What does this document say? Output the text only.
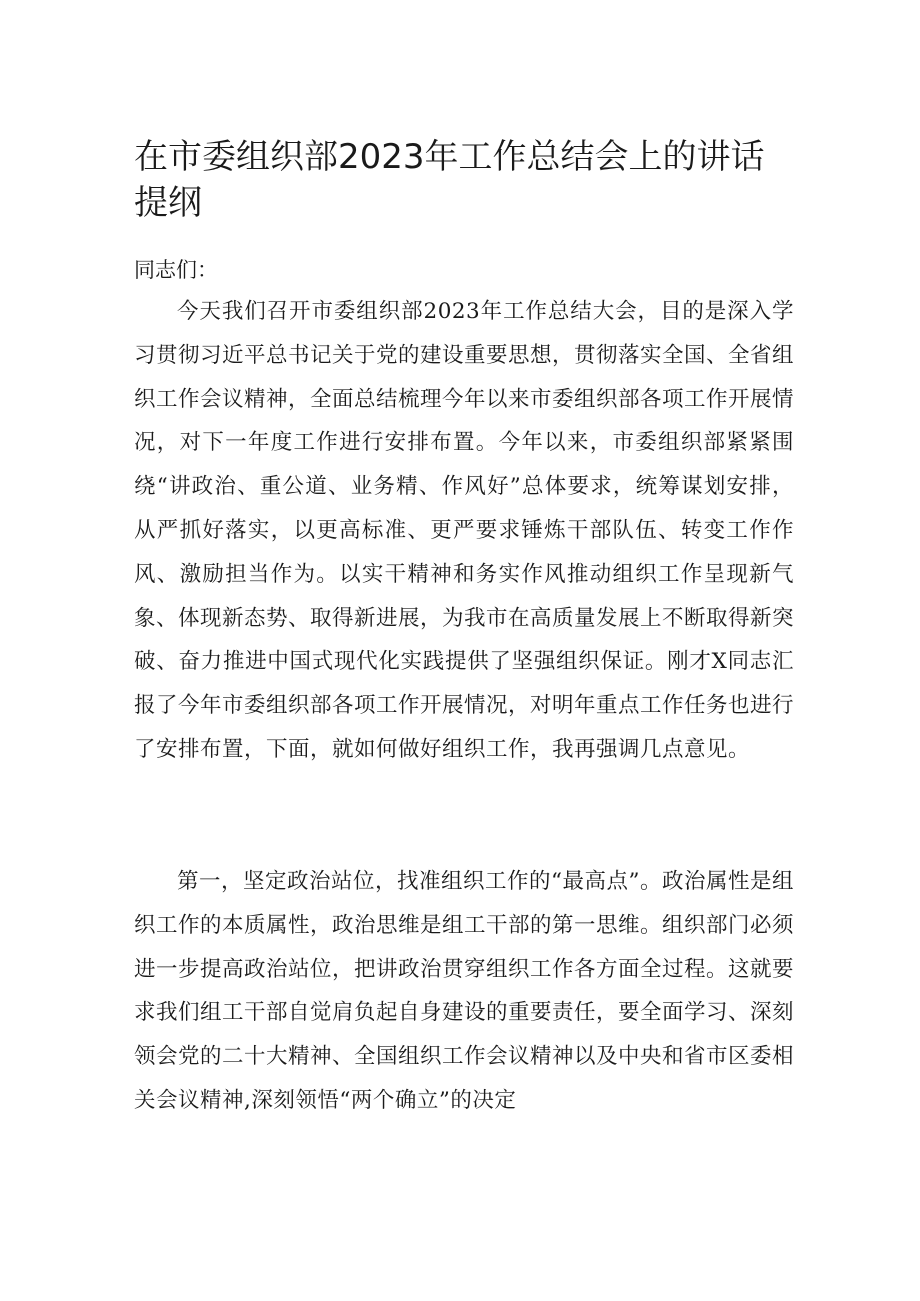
在市委组织部2023年工作总结会上的讲话提纲

同志们：

今天我们召开市委组织部2023年工作总结大会，目的是深入学习贯彻习近平总书记关于党的建设重要思想，贯彻落实全国、全省组织工作会议精神，全面总结梳理今年以来市委组织部各项工作开展情况，对下一年度工作进行安排布置。今年以来，市委组织部紧紧围绕“讲政治、重公道、业务精、作风好”总体要求，统筹谋划安排，从严抓好落实，以更高标准、更严要求锤炼干部队伍、转变工作作风、激励担当作为。以实干精神和务实作风推动组织工作呈现新气象、体现新态势、取得新进展，为我市在高质量发展上不断取得新突破、奋力推进中国式现代化实践提供了坚强组织保证。刚才X同志汇报了今年市委组织部各项工作开展情况，对明年重点工作任务也进行了安排布置，下面，就如何做好组织工作，我再强调几点意见。

第一，坚定政治站位，找准组织工作的“最高点”。政治属性是组织工作的本质属性，政治思维是组工干部的第一思维。组织部门必须进一步提高政治站位，把讲政治贯穿组织工作各方面全过程。这就要求我们组工干部自觉肩负起自身建设的重要责任，要全面学习、深刻领会党的二十大精神、全国组织工作会议精神以及中央和省市区委相关会议精神,深刻领悟“两个确立”的决定
